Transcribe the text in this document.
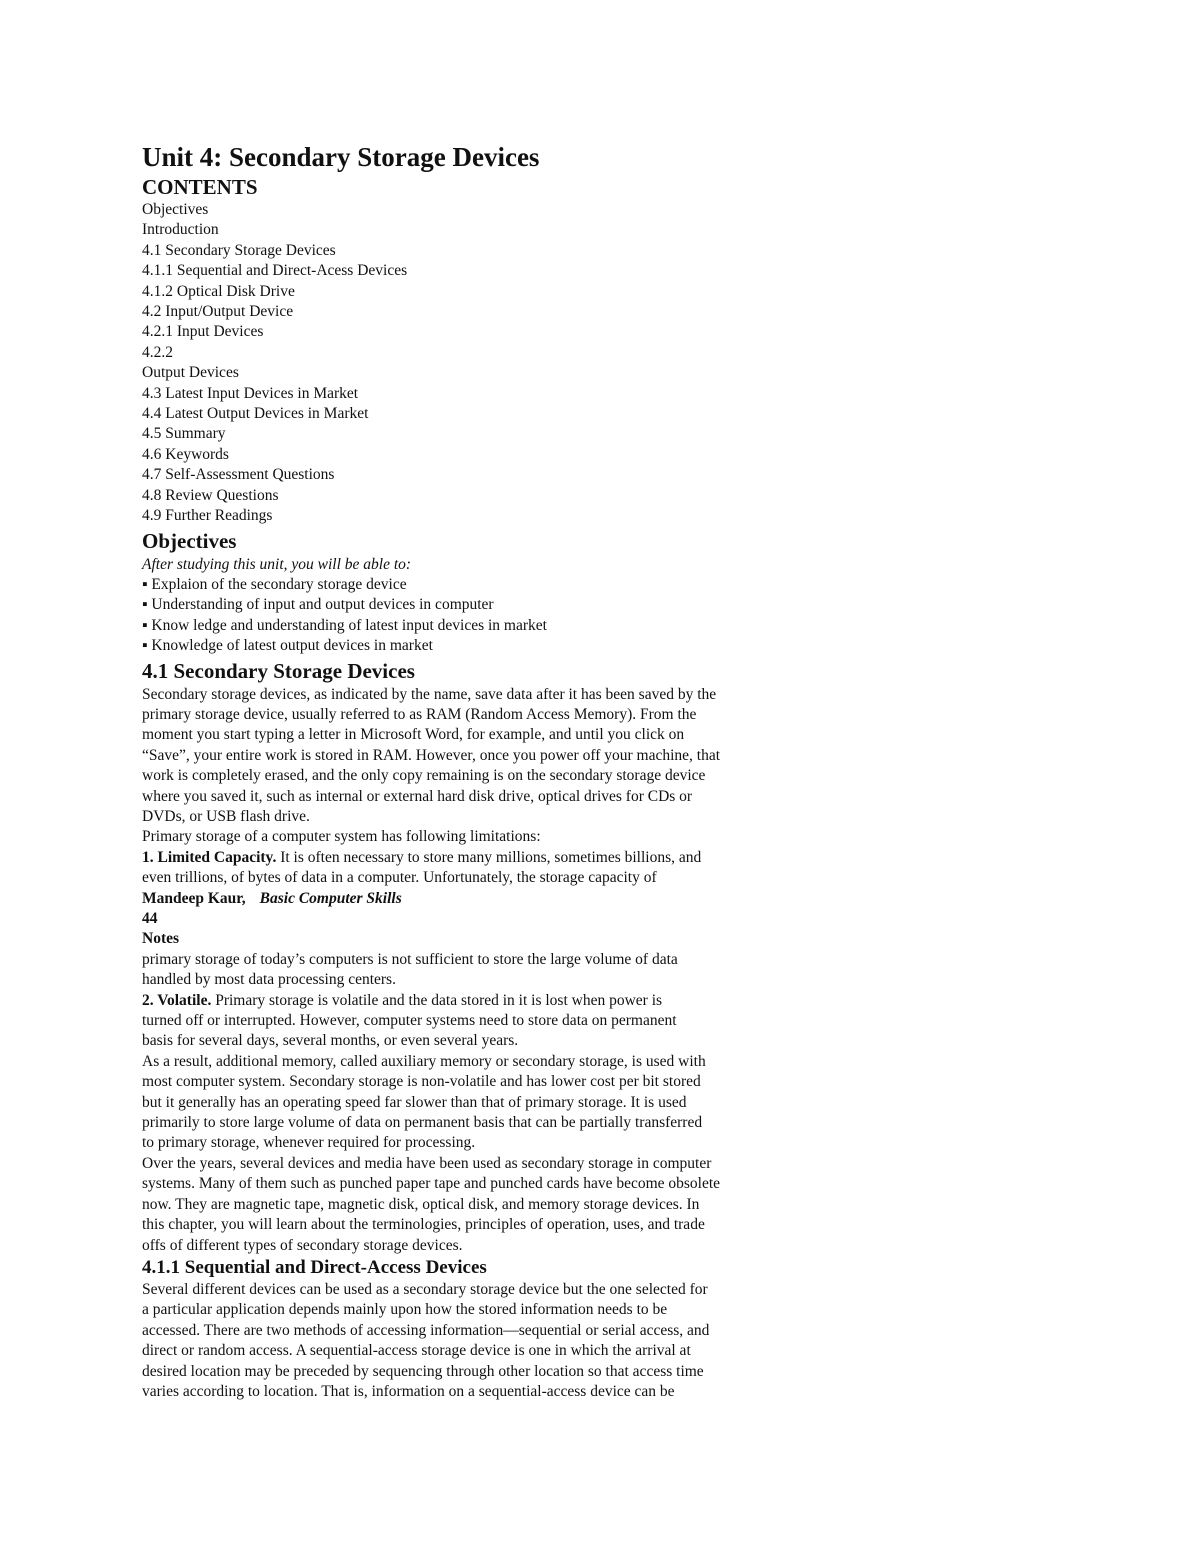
Unit 4: Secondary Storage Devices
CONTENTS
Objectives
Introduction
4.1 Secondary Storage Devices
4.1.1 Sequential and Direct-Acess Devices
4.1.2 Optical Disk Drive
4.2 Input/Output Device
4.2.1 Input Devices
4.2.2
Output Devices
4.3 Latest Input Devices in Market
4.4 Latest Output Devices in Market
4.5 Summary
4.6 Keywords
4.7 Self-Assessment Questions
4.8 Review Questions
4.9 Further Readings
Objectives
After studying this unit, you will be able to:
▪ Explaion of the secondary storage device
▪ Understanding of input and output devices in computer
▪ Know ledge and understanding of latest input devices in market
▪ Knowledge of latest output devices in market
4.1 Secondary Storage Devices

Secondary storage devices, as indicated by the name, save data after it has been saved by the
primary storage device, usually referred to as RAM (Random Access Memory). From the
moment you start typing a letter in Microsoft Word, for example, and until you click on
“Save”, your entire work is stored in RAM. However, once you power off your machine, that
work is completely erased, and the only copy remaining is on the secondary storage device
where you saved it, such as internal or external hard disk drive, optical drives for CDs or
DVDs, or USB flash drive.

Primary storage of a computer system has following limitations:

1. Limited Capacity. It is often necessary to store many millions, sometimes billions, and
even trillions, of bytes of data in a computer. Unfortunately, the storage capacity of

Mandeep Kaur, Basic Computer Skills
44
Notes

primary storage of today’s computers is not sufficient to store the large volume of data
handled by most data processing centers.

2. Volatile. Primary storage is volatile and the data stored in it is lost when power is
turned off or interrupted. However, computer systems need to store data on permanent
basis for several days, several months, or even several years.

As a result, additional memory, called auxiliary memory or secondary storage, is used with
most computer system. Secondary storage is non-volatile and has lower cost per bit stored
but it generally has an operating speed far slower than that of primary storage. It is used
primarily to store large volume of data on permanent basis that can be partially transferred
to primary storage, whenever required for processing.

Over the years, several devices and media have been used as secondary storage in computer
systems. Many of them such as punched paper tape and punched cards have become obsolete
now. They are magnetic tape, magnetic disk, optical disk, and memory storage devices. In
this chapter, you will learn about the terminologies, principles of operation, uses, and trade
offs of different types of secondary storage devices.

4.1.1 Sequential and Direct-Access Devices

Several different devices can be used as a secondary storage device but the one selected for
a particular application depends mainly upon how the stored information needs to be
accessed. There are two methods of accessing information—sequential or serial access, and
direct or random access. A sequential-access storage device is one in which the arrival at
desired location may be preceded by sequencing through other location so that access time
varies according to location. That is, information on a sequential-access device can be
